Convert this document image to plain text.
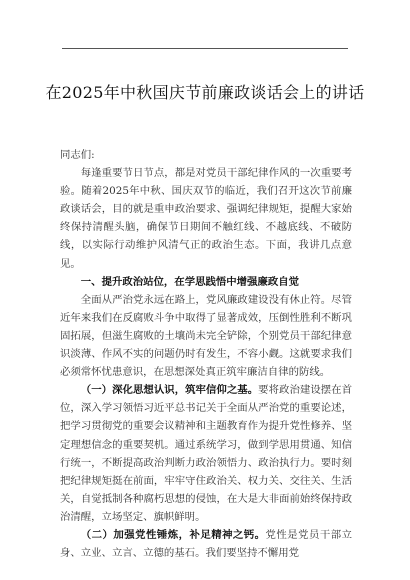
在2025年中秋国庆节前廉政谈话会上的讲话

同志们:

每逢重要节日节点，都是对党员干部纪律作风的一次重要考验。随着2025年中秋、国庆双节的临近，我们召开这次节前廉政谈话会，目的就是重申政治要求、强调纪律规矩，提醒大家始终保持清醒头脑，确保节日期间不触红线、不越底线、不破防线，以实际行动维护风清气正的政治生态。下面，我讲几点意见。

一、提升政治站位，在学思践悟中增强廉政自觉

全面从严治党永远在路上，党风廉政建设没有休止符。尽管近年来我们在反腐败斗争中取得了显著成效，压倒性胜利不断巩固拓展，但滋生腐败的土壤尚未完全铲除，个别党员干部纪律意识淡薄、作风不实的问题仍时有发生，不容小觑。这就要求我们必须常怀忧患意识，在思想深处真正筑牢廉洁自律的防线。

（一）深化思想认识，筑牢信仰之基。要将政治建设摆在首位，深入学习领悟习近平总书记关于全面从严治党的重要论述，把学习贯彻党的重要会议精神和主题教育作为提升党性修养、坚定理想信念的重要契机。通过系统学习，做到学思用贯通、知信行统一，不断提高政治判断力政治领悟力、政治执行力。要时刻把纪律规矩挺在前面，牢牢守住政治关、权力关、交往关、生活关，自觉抵制各种腐朽思想的侵蚀，在大是大非面前始终保持政治清醒，立场坚定、旗帜鲜明。

（二）加强党性锤炼，补足精神之钙。党性是党员干部立身、立业、立言、立德的基石。我们要坚持不懈用党
